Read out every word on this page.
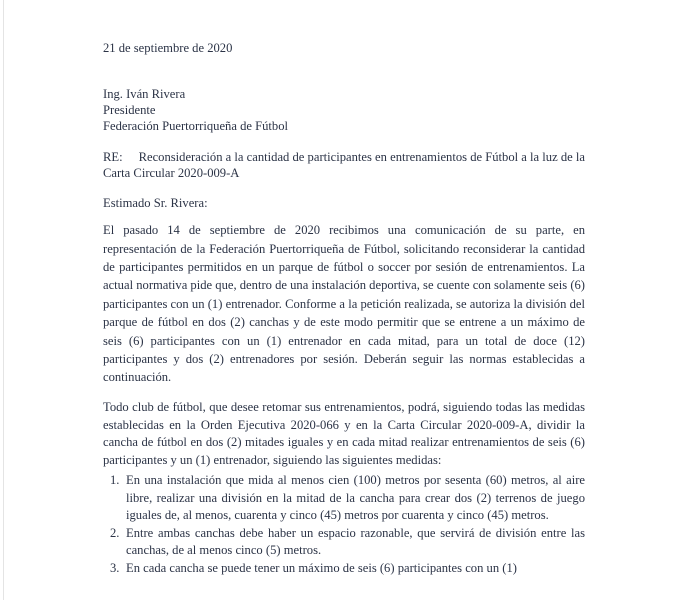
21 de septiembre de 2020
Ing. Iván Rivera
Presidente
Federación Puertorriqueña de Fútbol
RE: Reconsideración a la cantidad de participantes en entrenamientos de Fútbol a la luz de la Carta Circular 2020-009-A
Estimado Sr. Rivera:
El pasado 14 de septiembre de 2020 recibimos una comunicación de su parte, en representación de la Federación Puertorriqueña de Fútbol, solicitando reconsiderar la cantidad de participantes permitidos en un parque de fútbol o soccer por sesión de entrenamientos. La actual normativa pide que, dentro de una instalación deportiva, se cuente con solamente seis (6) participantes con un (1) entrenador. Conforme a la petición realizada, se autoriza la división del parque de fútbol en dos (2) canchas y de este modo permitir que se entrene a un máximo de seis (6) participantes con un (1) entrenador en cada mitad, para un total de doce (12) participantes y dos (2) entrenadores por sesión. Deberán seguir las normas establecidas a continuación.
Todo club de fútbol, que desee retomar sus entrenamientos, podrá, siguiendo todas las medidas establecidas en la Orden Ejecutiva 2020-066 y en la Carta Circular 2020-009-A, dividir la cancha de fútbol en dos (2) mitades iguales y en cada mitad realizar entrenamientos de seis (6) participantes y un (1) entrenador, siguiendo las siguientes medidas:
1. En una instalación que mida al menos cien (100) metros por sesenta (60) metros, al aire libre, realizar una división en la mitad de la cancha para crear dos (2) terrenos de juego iguales de, al menos, cuarenta y cinco (45) metros por cuarenta y cinco (45) metros.
2. Entre ambas canchas debe haber un espacio razonable, que servirá de división entre las canchas, de al menos cinco (5) metros.
3. En cada cancha se puede tener un máximo de seis (6) participantes con un (1)
